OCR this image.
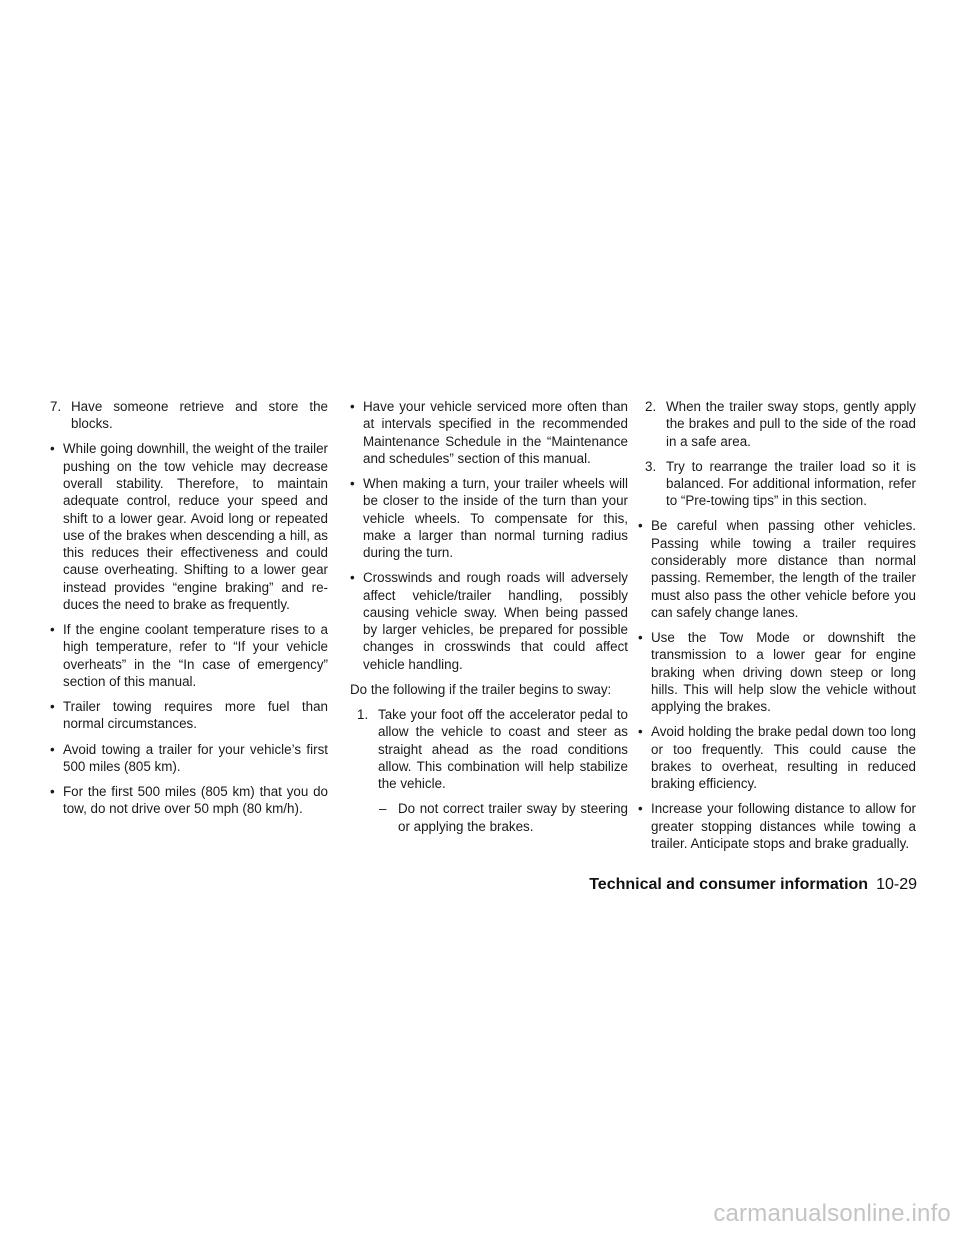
7. Have someone retrieve and store the blocks.
• While going downhill, the weight of the trailer pushing on the tow vehicle may decrease overall stability. Therefore, to maintain adequate control, reduce your speed and shift to a lower gear. Avoid long or repeated use of the brakes when descending a hill, as this reduces their effectiveness and could cause overheating. Shifting to a lower gear instead provides “engine braking” and reduces the need to brake as frequently.
• If the engine coolant temperature rises to a high temperature, refer to “If your vehicle overheats” in the “In case of emergency” section of this manual.
• Trailer towing requires more fuel than normal circumstances.
• Avoid towing a trailer for your vehicle’s first 500 miles (805 km).
• For the first 500 miles (805 km) that you do tow, do not drive over 50 mph (80 km/h).
• Have your vehicle serviced more often than at intervals specified in the recommended Maintenance Schedule in the “Maintenance and schedules” section of this manual.
• When making a turn, your trailer wheels will be closer to the inside of the turn than your vehicle wheels. To compensate for this, make a larger than normal turning radius during the turn.
• Crosswinds and rough roads will adversely affect vehicle/trailer handling, possibly causing vehicle sway. When being passed by larger vehicles, be prepared for possible changes in crosswinds that could affect vehicle handling.

Do the following if the trailer begins to sway:

1. Take your foot off the accelerator pedal to allow the vehicle to coast and steer as straight ahead as the road conditions allow. This combination will help stabilize the vehicle.
– Do not correct trailer sway by steering or applying the brakes.
2. When the trailer sway stops, gently apply the brakes and pull to the side of the road in a safe area.
3. Try to rearrange the trailer load so it is balanced. For additional information, refer to “Pre-towing tips” in this section.
• Be careful when passing other vehicles. Passing while towing a trailer requires considerably more distance than normal passing. Remember, the length of the trailer must also pass the other vehicle before you can safely change lanes.
• Use the Tow Mode or downshift the transmission to a lower gear for engine braking when driving down steep or long hills. This will help slow the vehicle without applying the brakes.
• Avoid holding the brake pedal down too long or too frequently. This could cause the brakes to overheat, resulting in reduced braking efficiency.
• Increase your following distance to allow for greater stopping distances while towing a trailer. Anticipate stops and brake gradually.
Technical and consumer information 10-29
carmanualsonline.info
